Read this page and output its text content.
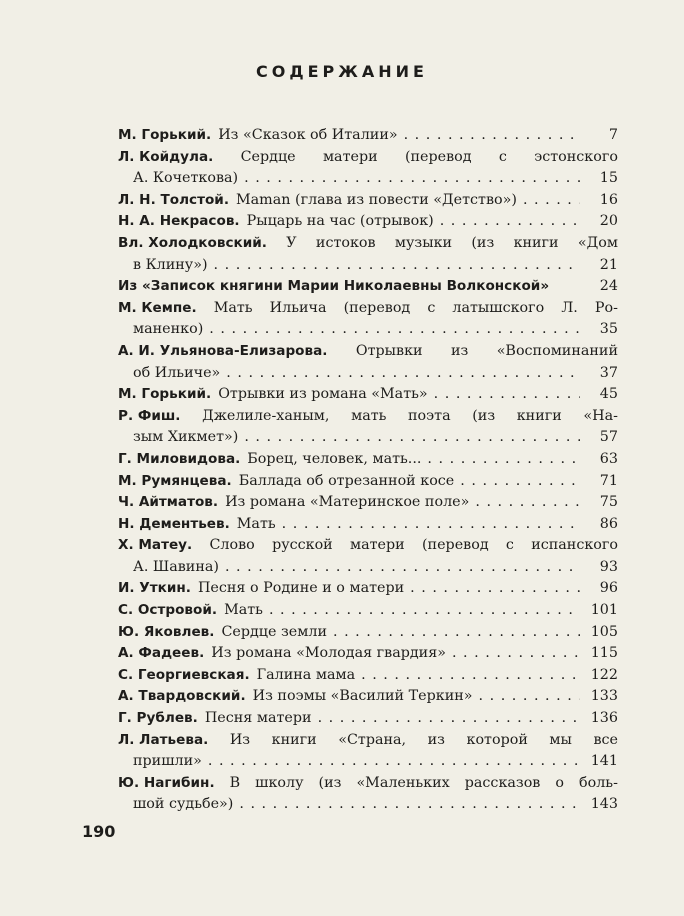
СОДЕРЖАНИЕ
М. Горький. Из «Сказок об Италии» . . .	7
Л. Койдула. Сердце матери (перевод с эстонского
А. Кочеткова) . . .	15
Л. Н. Толстой. Маman (глава из повести «Детство») . . .	16
Н. А. Некрасов. Рыцарь на час (отрывок) . . .	20
Вл. Холодковский. У истоков музыки (из книги «Дом
в Клину») . . .	21
Из «Записок княгини Марии Николаевны Волконской»	24
М. Кемпе. Мать Ильича (перевод с латышского Л. Ро-
маненко) . . .	35
А. И. Ульянова-Елизарова. Отрывки из «Воспоминаний
об Ильиче» . . .	37
М. Горький. Отрывки из романа «Мать» . . .	45
Р. Фиш. Джелиле-ханым, мать поэта (из книги «На-
зым Хикмет») . . .	57
Г. Миловидова. Борец, человек, мать... . . .	63
М. Румянцева. Баллада об отрезанной косе . . .	71
Ч. Айтматов. Из романа «Материнское поле» . . .	75
Н. Дементьев. Мать . . .	86
Х. Матеу. Слово русской матери (перевод с испанского
А. Шавина) . . .	93
И. Уткин. Песня о Родине и о матери . . .	96
С. Островой. Мать . . .	101
Ю. Яковлев. Сердце земли . . .	105
А. Фадеев. Из романа «Молодая гвардия» . . .	115
С. Георгиевская. Галина мама . . .	122
А. Твардовский. Из поэмы «Василий Теркин» . . .	133
Г. Рублев. Песня матери . . .	136
Л. Латьева. Из книги «Страна, из которой мы все
пришли» . . .	141
Ю. Нагибин. В школу (из «Маленьких рассказов о боль-
шой судьбе») . . .	143
190
